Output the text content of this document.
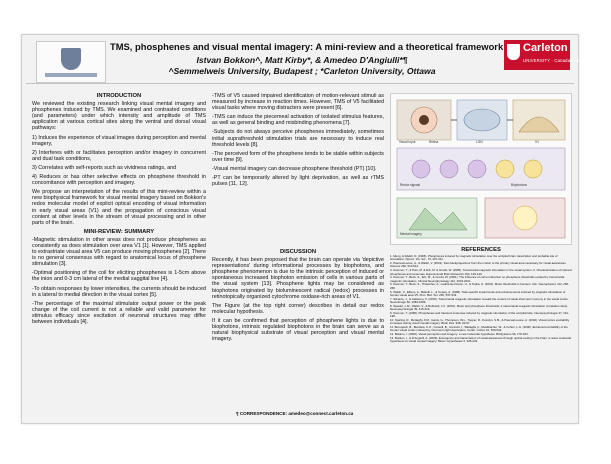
TMS, phosphenes and visual mental imagery: A mini-review and a theoretical framework
Istvan Bokkon^, Matt Kirby*, & Amedeo D'Angiulli*¶
^Semmelweis University, Budapest ; *Carleton University, Ottawa
Carleton
UNIVERSITY · Canada's Capital University
INTRODUCTION

We reviewed the existing research linking visual mental imagery and phosphenes induced by TMS. We examined and contrasted conditions (and parameters) under which intensity and amplitude of TMS application at various cortical sites along the ventral and dorsal visual pathways:

1) Induces the experience of visual images during perception and mental imagery,

2) Interferes with or facilitates perception and/or imagery in concurrent and dual task conditions,

3) Correlates with self-reports such as vividness ratings, and

4) Reduces or has other selective effects on phosphene threshold in concomitance with perception and imagery.

We propose an interpretation of the results of this mini-review within a new biophysical framework for visual mental imagery based on Bokkon's redox molecular model of explicit optical encoding of visual information in early visual areas (V1) and the propagation of conscious visual content at other levels in the stream of visual processing and in other parts of the brain.

MINI-REVIEW: SUMMARY

-Magnetic stimulation in other areas does not produce phosphenes as consistently as does stimulation over area V1 [1]. However, TMS applied to extrastriate visual area V5 can produce moving phosphenes [2]. There is no general consensus with regard to anatomical locus of phosphene stimulation [3].

-Optimal positioning of the coil for eliciting phosphenes is 1-5cm above the inion and 0-3 cm lateral of the medial saggital line [4].

-To obtain responses by lower intensities, the currents should be induced in a lateral to medial direction in the visual cortex [5].

-The percentage of the maximal stimulator output power or the peak change of the coil current is not a reliable and valid parameter for stimulus efficacy since excitation of neuronal structures may differ between individuals [4].

-TMS of V5 caused impaired identification of motion-relevant stimuli as measured by increase in reaction times. However, TMS of V5 facilitated visual tasks where moving distracters were present [6].

-TMS can induce the piecemeal activation of isolated stimulus features, as well as general binding and misbinding phenomena [7].

-Subjects do not always perceive phosphenes immediately, sometimes initial suprathreshold stimulation trials are necessary to induce real threshold levels [8].

-The perceived form of the phosphene tends to be stable within subjects over time [9].

-Visual mental imagery can decrease phosphene threshold (PT) [10].

-PT can be temporarily altered by light deprivation, as well as rTMS pulses [11, 12].

DISCUSSION

Recently, it has been proposed that the brain can operate via 'depictive representations' during informational processes by biophotons, and phosphene phenomenon is due to the intrinsic perception of induced or spontaneous increased biophoton emission of cells in various parts of the visual system [13]. Phosphene lights may be considered as biophotons originated by bioluminescent radical (redox) processes in retinotopically organized cytochrome oxidase-rich areas of V1.

The Figure (at the top right corner) describes in detail our redox molecular hypothesis.

If it can be confirmed that perception of phosphene lights is due to biophotons, intrinsic regulated biophotons in the brain can serve as a natural biophysical substrate of visual perception and visual mental imagery.

¶ CORRESPONDENCE: amedeo@connect.carleton.ca
Visual input	Retina	LGN	V1
Redox signals	Biophotons
Mental imagery
REFERENCES
1. Meng, & Walsh, D. (1996). Phosphenes induced by magnetic stimulation over the occipital brain: description and probable site of stimulation. Optom. Vis. Sci., 73, 207-211.
2. Pascual-Leone, A., & Walsh, V. (2001). Fast backprojections from the motion to the primary visual area necessary for visual awareness. Science 292, 510-512.
3. Kammer, T., & Puls, M. & Erb, M. & Grodd, W. (2005). Transcranial magnetic stimulation in the visual system. II. Characterization of induced phosphenes and scotomas. Experimental Brain Research 160, 129-140.
4. Kammer, T., Beck, S., Erb, M., & Grodd, W. (2001). The influence of current direction on phosphene thresholds evoked by transcranial magnetic stimulation. Clinical Neurophysiology 112, 2015-2021.
5. Kammer, T., Beck, S., Thielscher, A., Laubis-Herrmann, U., & Topka, H. (2001). Motor thresholds in humans. Clin. Neurophysiol. 112, 250-258.
6. Walsh, V., Ellison, A., Battelli, L., & Cowey, A. (1998). Task-specific impairments and enhancements induced by magnetic stimulation of human visual area V5. Proc. Biol. Sci. 265, 537-543.
7. Silvanto, J., & Cattaneo, Z. (2010). Transcranial magnetic stimulation reveals the content of visual short-term memory in the visual cortex. NeuroImage 50, 1683-1689.
8. Stewart, L.M., Walsh, V., & Rothwell, J.C. (2001). Motor and phosphene thresholds: a transcranial magnetic stimulation correlation study. Neuropsychologia 39, 415-419.
9. Kammer, T. (1999). Phosphenes and transient scotomas induced by magnetic stimulation of the occipital lobe. Neuropsychologia 37, 191-198.
10. Sparing, R., Mottaghy, F.M., Ganis, G., Thompson, W.L., Topper, R., Kosslyn, S.M., & Pascual-Leone, A. (2002). Visual cortex excitability increases during visual mental imagery. Brain Res. 938, 92-97.
11. Boroojerdi, B., Bushara, K.O., Corwell, B., Immisch, I., Battaglia, F., Muellbacher, W., & Cohen, L.G. (2000). Enhanced excitability of the human visual cortex induced by short-term light deprivation. Cereb. Cortex 10, 529-534.
12. Bokkon, I. (2009). Visual perception and imagery: a new molecular hypothesis. BioSystems 96, 178-184.
13. Bokkon, I., & D'Angiulli, A. (2009). Emergence and transmission of visual awareness through optical coding in the brain: a redox molecular hypothesis on visual mental imagery. Biosci. Hypotheses 2, 226-232.
